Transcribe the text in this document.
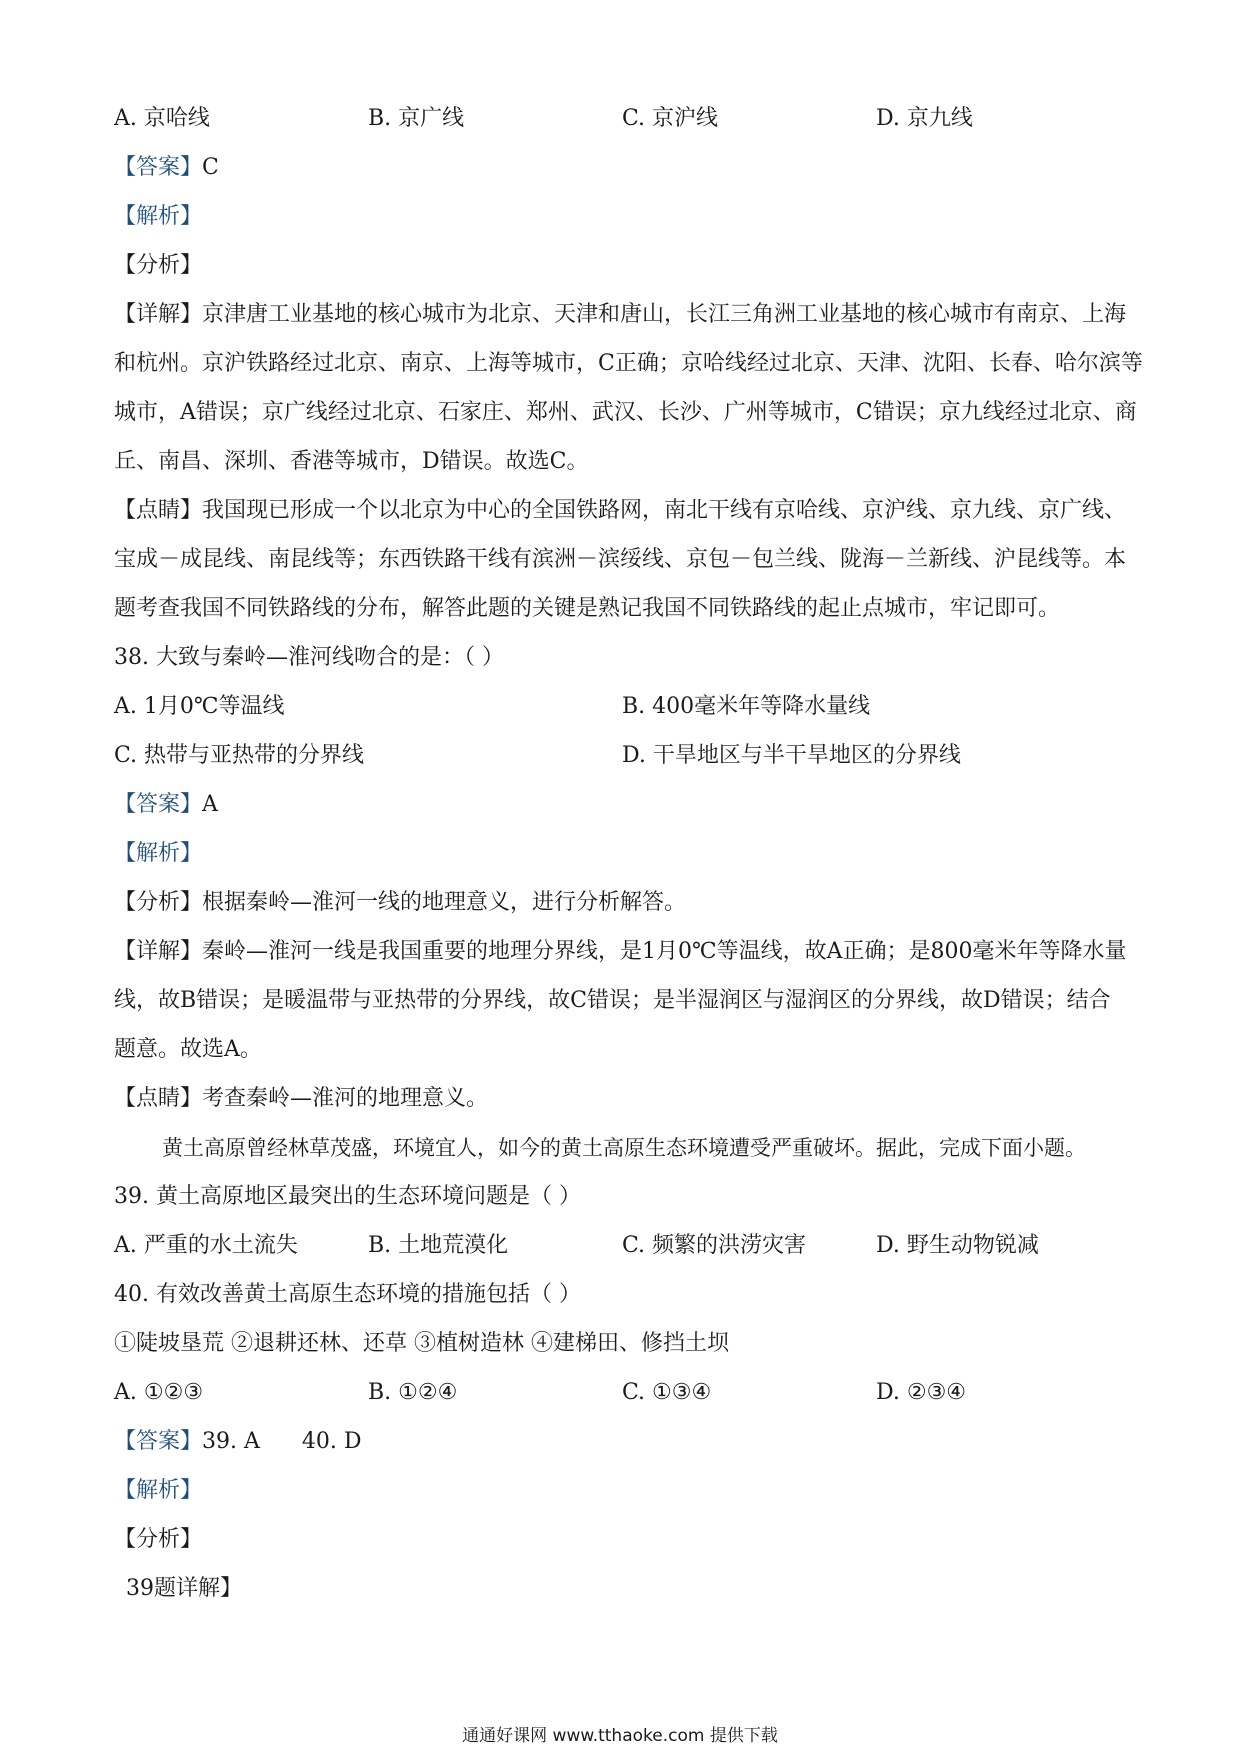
A. 京哈线	B. 京广线	C. 京沪线	D. 京九线
【答案】C
【解析】
【分析】
【详解】京津唐工业基地的核心城市为北京、天津和唐山，长江三角洲工业基地的核心城市有南京、上海
和杭州。京沪铁路经过北京、南京、上海等城市，C正确；京哈线经过北京、天津、沈阳、长春、哈尔滨等
城市，A错误；京广线经过北京、石家庄、郑州、武汉、长沙、广州等城市，C错误；京九线经过北京、商
丘、南昌、深圳、香港等城市，D错误。故选C。
【点睛】我国现已形成一个以北京为中心的全国铁路网，南北干线有京哈线、京沪线、京九线、京广线、
宝成－成昆线、南昆线等；东西铁路干线有滨洲－滨绥线、京包－包兰线、陇海－兰新线、沪昆线等。本
题考查我国不同铁路线的分布，解答此题的关键是熟记我国不同铁路线的起止点城市，牢记即可。
38. 大致与秦岭—淮河线吻合的是：（ ）
A. 1月0℃等温线	B. 400毫米年等降水量线
C. 热带与亚热带的分界线	D. 干旱地区与半干旱地区的分界线
【答案】A
【解析】
【分析】根据秦岭—淮河一线的地理意义，进行分析解答。
【详解】秦岭—淮河一线是我国重要的地理分界线，是1月0℃等温线，故A正确；是800毫米年等降水量
线，故B错误；是暖温带与亚热带的分界线，故C错误；是半湿润区与湿润区的分界线，故D错误；结合
题意。故选A。
【点睛】考查秦岭—淮河的地理意义。
黄土高原曾经林草茂盛，环境宜人，如今的黄土高原生态环境遭受严重破坏。据此，完成下面小题。
39. 黄土高原地区最突出的生态环境问题是（ ）
A. 严重的水土流失	B. 土地荒漠化	C. 频繁的洪涝灾害	D. 野生动物锐减
40. 有效改善黄土高原生态环境的措施包括（ ）
①陡坡垦荒 ②退耕还林、还草 ③植树造林 ④建梯田、修挡土坝
A. ①②③	B. ①②④	C. ①③④	D. ②③④
【答案】39. A      40. D
【解析】
【分析】
39题详解】
通通好课网 www.tthaoke.com 提供下载
